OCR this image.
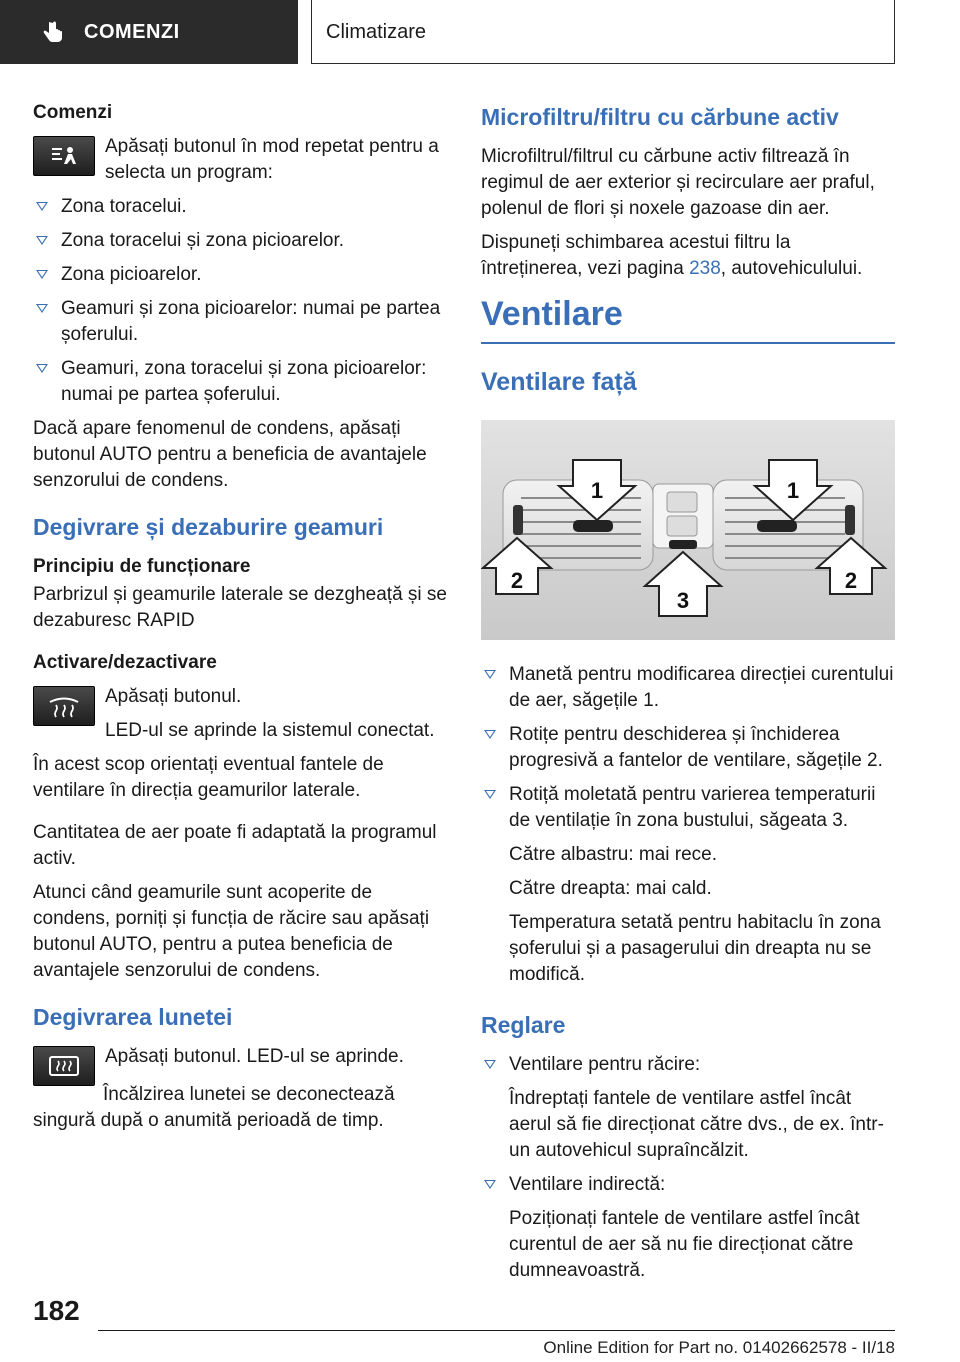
COMENZI	Climatizare

Comenzi

Apăsați butonul în mod repetat pentru a selecta un program:
Zona toracelui.
Zona toracelui și zona picioarelor.
Zona picioarelor.
Geamuri și zona picioarelor: numai pe partea șoferului.
Geamuri, zona toracelui și zona picioarelor: numai pe partea șoferului.

Dacă apare fenomenul de condens, apăsați butonul AUTO pentru a beneficia de avantajele senzorului de condens.

Degivrare și dezaburire geamuri

Principiu de funcționare

Parbrizul și geamurile laterale se dezgheață și se dezaburesc RAPID

Activare/dezactivare

Apăsați butonul.

LED-ul se aprinde la sistemul conectat.

În acest scop orientați eventual fantele de ventilare în direcția geamurilor laterale.

Cantitatea de aer poate fi adaptată la programul activ.

Atunci când geamurile sunt acoperite de condens, porniți și funcția de răcire sau apăsați butonul AUTO, pentru a putea beneficia de avantajele senzorului de condens.

Degivrarea lunetei

Apăsați butonul. LED-ul se aprinde.

Încălzirea lunetei se deconectează singură după o anumită perioadă de timp.

Microfiltru/filtru cu cărbune activ

Microfiltrul/filtrul cu cărbune activ filtrează în regimul de aer exterior și recirculare aer praful, polenul de flori și noxele gazoase din aer.

Dispuneți schimbarea acestui filtru la întreținerea, vezi pagina 238, autovehiculului.

Ventilare
Ventilare față
1	1
2	2
3
Manetă pentru modificarea direcției curentului de aer, săgețile 1.
Rotițe pentru deschiderea și închiderea progresivă a fantelor de ventilare, săgețile 2.
Rotiță moletată pentru varierea temperaturii de ventilație în zona bustului, săgeata 3.
Către albastru: mai rece.
Către dreapta: mai cald.
Temperatura setată pentru habitaclu în zona șoferului și a pasagerului din dreapta nu se modifică.
Reglare
Ventilare pentru răcire:
Îndreptați fantele de ventilare astfel încât aerul să fie direcționat către dvs., de ex. într-un autovehicul supraîncălzit.
Ventilare indirectă:
Poziționați fantele de ventilare astfel încât curentul de aer să nu fie direcționat către dumneavoastră.
182
Online Edition for Part no. 01402662578 - II/18
